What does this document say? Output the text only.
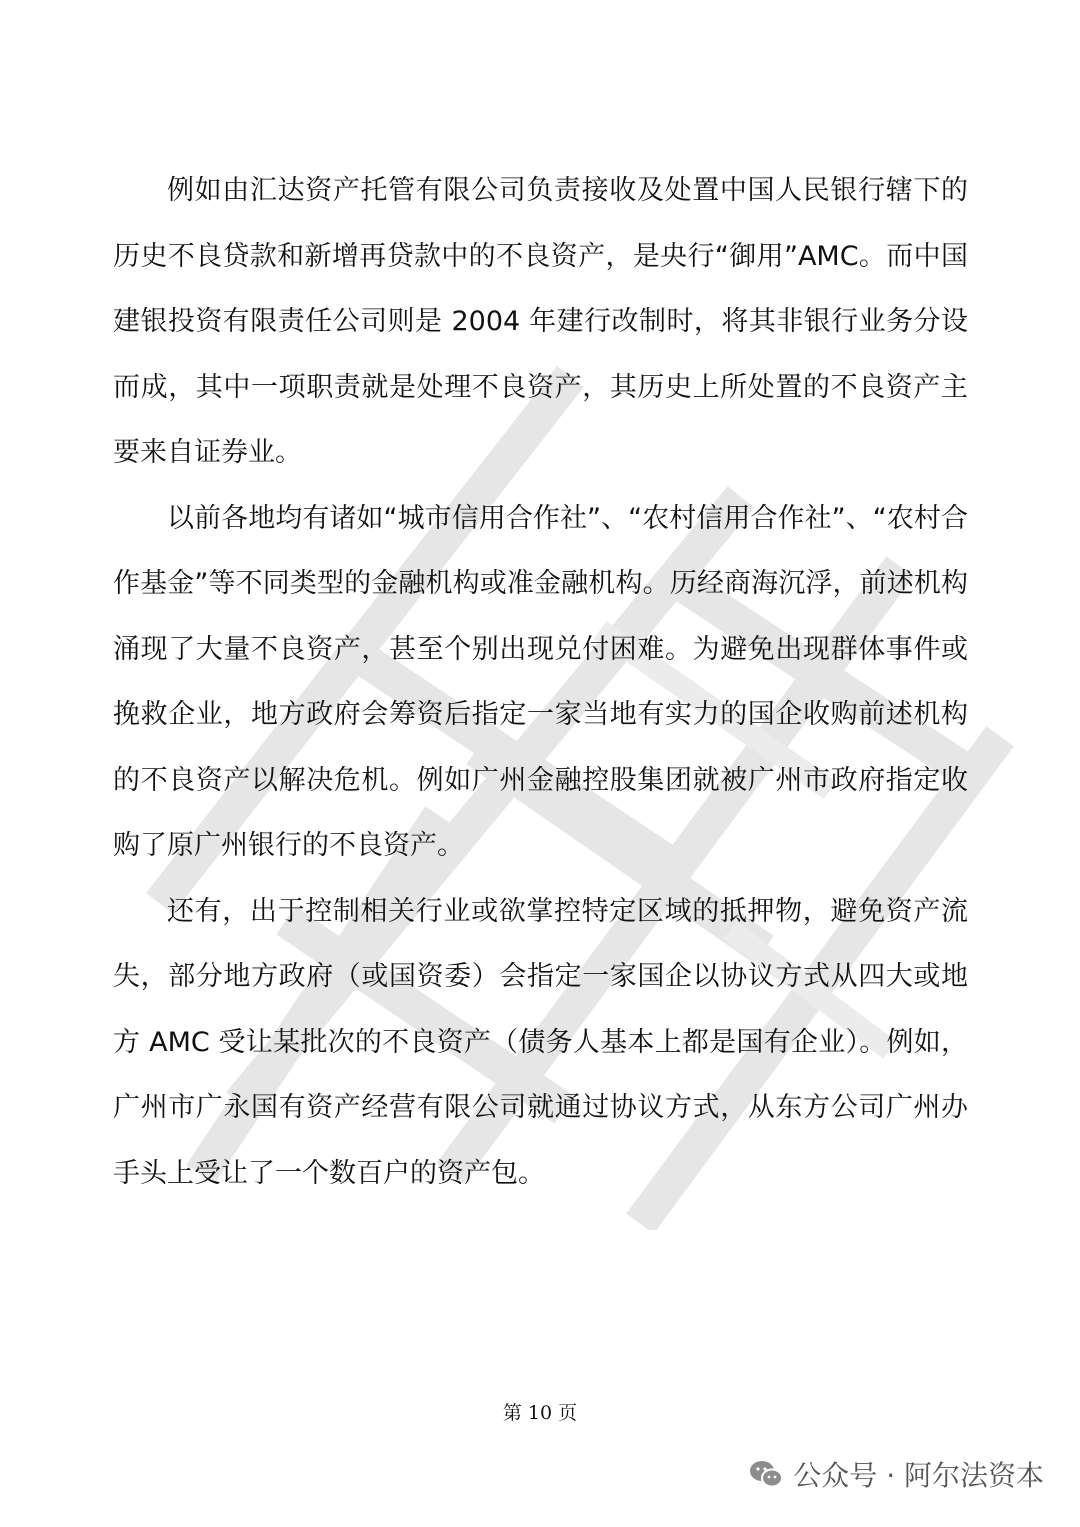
例如由汇达资产托管有限公司负责接收及处置中国人民银行辖下的历史不良贷款和新增再贷款中的不良资产，是央行“御用”AMC。而中国建银投资有限责任公司则是 2004 年建行改制时，将其非银行业务分设而成，其中一项职责就是处理不良资产，其历史上所处置的不良资产主要来自证券业。

以前各地均有诸如“城市信用合作社”、“农村信用合作社”、“农村合作基金”等不同类型的金融机构或准金融机构。历经商海沉浮，前述机构涌现了大量不良资产，甚至个别出现兑付困难。为避免出现群体事件或挽救企业，地方政府会筹资后指定一家当地有实力的国企收购前述机构的不良资产以解决危机。例如广州金融控股集团就被广州市政府指定收购了原广州银行的不良资产。

还有，出于控制相关行业或欲掌控特定区域的抵押物，避免资产流失，部分地方政府（或国资委）会指定一家国企以协议方式从四大或地方 AMC 受让某批次的不良资产（债务人基本上都是国有企业）。例如，广州市广永国有资产经营有限公司就通过协议方式，从东方公司广州办手头上受让了一个数百户的资产包。

第 10 页
公众号 · 阿尔法资本
